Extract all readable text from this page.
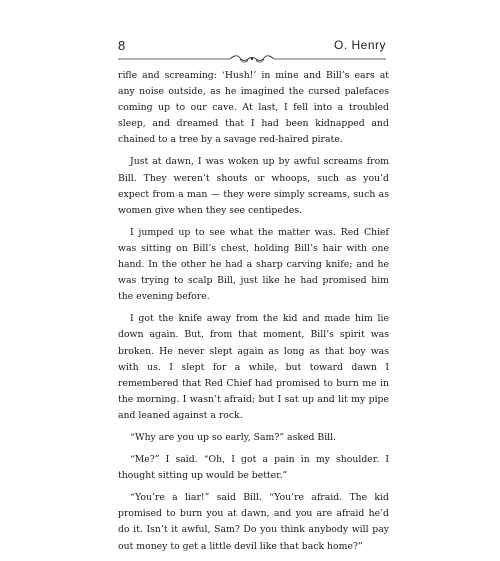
8	O. Henry

rifle and screaming: ‘Hush!’ in mine and Bill’s ears at any noise outside, as he imagined the cursed palefaces coming up to our cave. At last, I fell into a troubled sleep, and dreamed that I had been kidnapped and chained to a tree by a savage red-haired pirate.

Just at dawn, I was woken up by awful screams from Bill. They weren’t shouts or whoops, such as you’d expect from a man — they were simply screams, such as women give when they see centipedes.

I jumped up to see what the matter was. Red Chief was sitting on Bill’s chest, holding Bill’s hair with one hand. In the other he had a sharp carving knife; and he was trying to scalp Bill, just like he had promised him the evening before.

I got the knife away from the kid and made him lie down again. But, from that moment, Bill’s spirit was broken. He never slept again as long as that boy was with us. I slept for a while, but toward dawn I remembered that Red Chief had promised to burn me in the morning. I wasn’t afraid; but I sat up and lit my pipe and leaned against a rock.

“Why are you up so early, Sam?” asked Bill.

“Me?” I said. “Oh, I got a pain in my shoulder. I thought sitting up would be better.”

“You’re a liar!” said Bill. “You’re afraid. The kid promised to burn you at dawn, and you are afraid he’d do it. Isn’t it awful, Sam? Do you think anybody will pay out money to get a little devil like that back home?”
